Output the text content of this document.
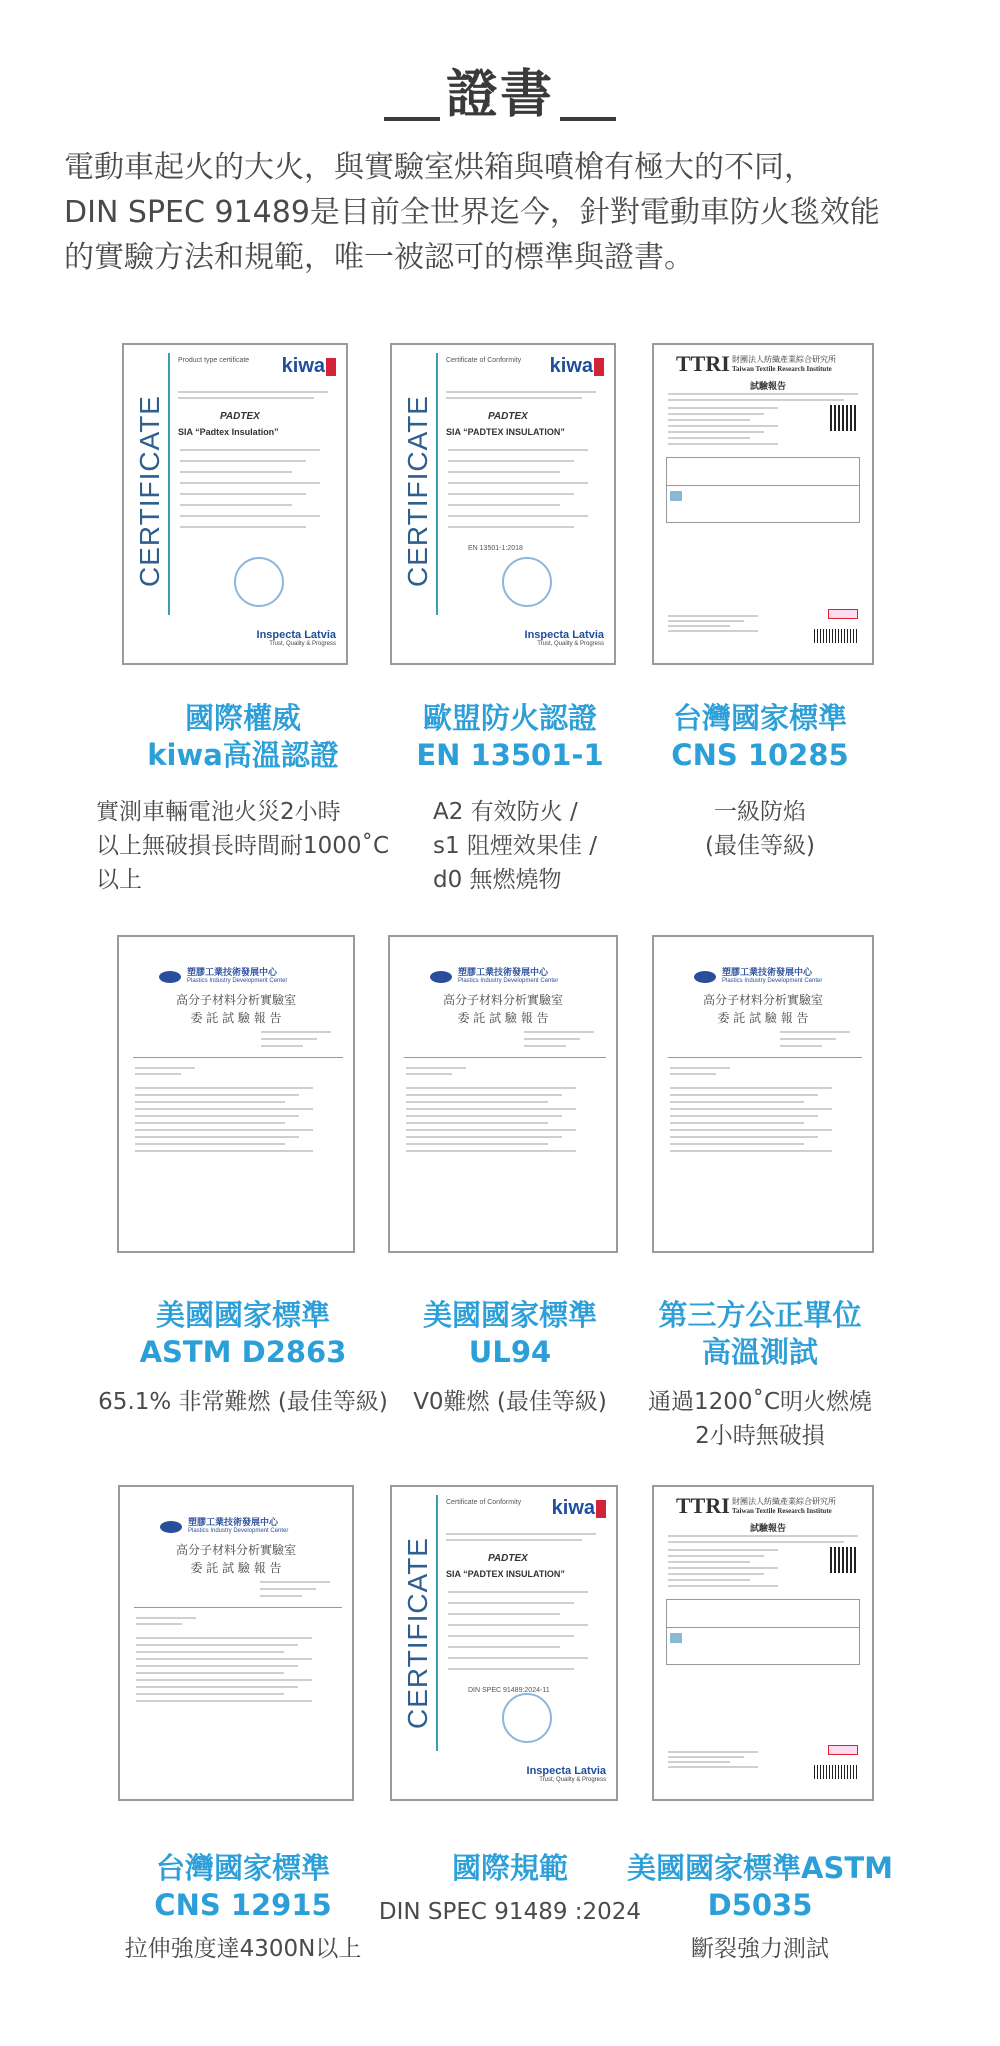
證書
電動車起火的大火，與實驗室烘箱與噴槍有極大的不同，
DIN SPEC 91489是目前全世界迄今，針對電動車防火毯效能
的實驗方法和規範，唯一被認可的標準與證書。
CERTIFICATE
kiwa
Product type certificate
PADTEX
SIA “Padtex Insulation”
Inspecta Latvia
Trust, Quality & Progress
CERTIFICATE
kiwa
Certificate of Conformity
PADTEX
SIA “PADTEX INSULATION”
EN 13501-1:2018
Inspecta Latvia
Trust, Quality & Progress
TTRI 財團法人紡織產業綜合研究所
Taiwan Textile Research Institute
試驗報告
塑膠工業技術發展中心
Plastics Industry Development Center
高分子材料分析實驗室
委 託 試 驗 報 告
塑膠工業技術發展中心
Plastics Industry Development Center
高分子材料分析實驗室
委 託 試 驗 報 告
塑膠工業技術發展中心
Plastics Industry Development Center
高分子材料分析實驗室
委 託 試 驗 報 告
塑膠工業技術發展中心
Plastics Industry Development Center
高分子材料分析實驗室
委 託 試 驗 報 告	CERTIFICATE
kiwa
Certificate of Conformity
PADTEX
SIA “PADTEX INSULATION”
DIN SPEC 91489:2024-11
Inspecta Latvia
Trust, Quality & Progress
TTRI 財團法人紡織產業綜合研究所
Taiwan Textile Research Institute
試驗報告
國際權威
kiwa高溫認證
實測車輛電池火災2小時
以上無破損長時間耐1000˚C
以上
歐盟防火認證
EN 13501-1
A2 有效防火 /
s1 阻煙效果佳 /
d0 無燃燒物
台灣國家標準
CNS 10285
一級防焰
(最佳等級)
美國國家標準
ASTM D2863
65.1% 非常難燃 (最佳等級)
美國國家標準
UL94
V0難燃 (最佳等級)
第三方公正單位
高溫測試
通過1200˚C明火燃燒
2小時無破損
台灣國家標準
CNS 12915
拉伸強度達4300N以上
國際規範
DIN SPEC 91489 :2024
美國國家標準ASTM
D5035
斷裂強力測試
